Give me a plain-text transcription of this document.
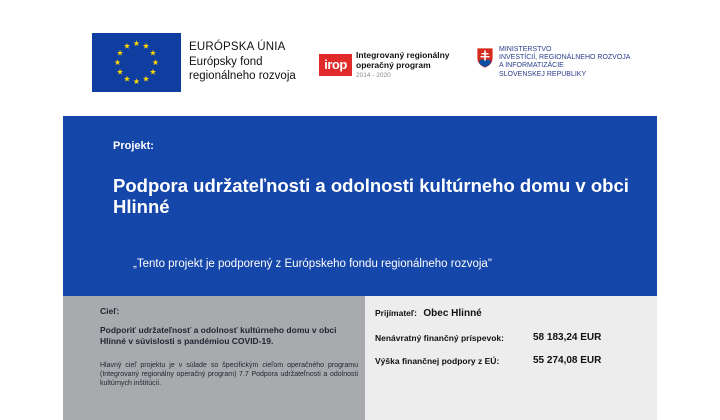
EURÓPSKA ÚNIA
Európsky fond
regionálneho rozvoja
irop
Integrovaný regionálny
operačný program
2014 - 2020
MINISTERSTVO
INVESTÍCIÍ, REGIONÁLNEHO ROZVOJA
A INFORMATIZÁCIE
SLOVENSKEJ REPUBLIKY
Projekt:
Podpora udržateľnosti a odolnosti kultúrneho domu v obci Hlinné
„Tento projekt je podporený z Európskeho fondu regionálneho rozvoja"
Cieľ:
Podporiť udržateľnosť a odolnosť kultúrneho domu v obci Hlinné v súvislosti s pandémiou COVID-19.
Hlavný cieľ projektu je v súlade so špecifickým cieľom operačného programu (Integrovaný regionálny operačný program) 7.7 Podpora udržateľnosti a odolnosti kultúrnych inštitúcií.
Prijímateľ: Obec Hlinné
Nenávratný finančný príspevok:	58 183,24 EUR
Výška finančnej podpory z EÚ:	55 274,08 EUR
